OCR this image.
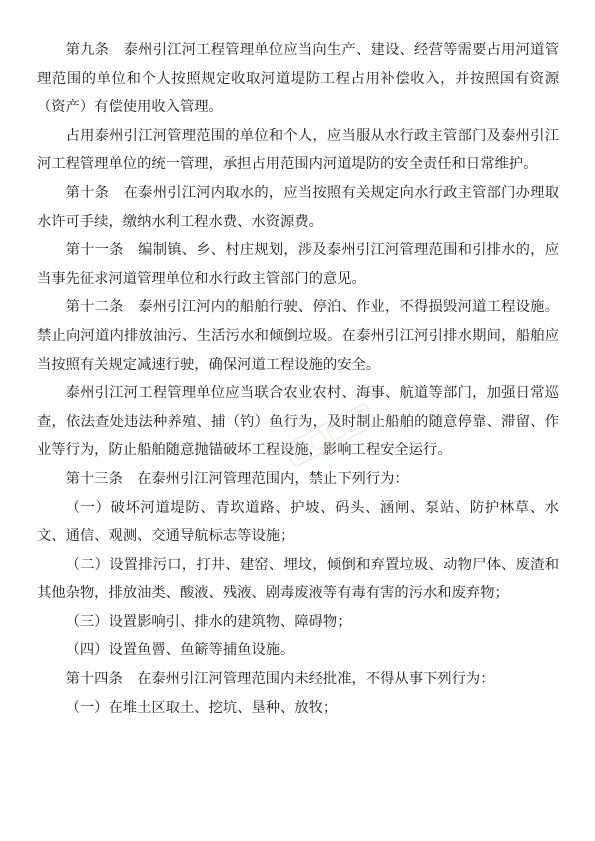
第九条　泰州引江河工程管理单位应当向生产、建设、经营等需要占用河道管理范围的单位和个人按照规定收取河道堤防工程占用补偿收入，并按照国有资源（资产）有偿使用收入管理。

占用泰州引江河管理范围的单位和个人，应当服从水行政主管部门及泰州引江河工程管理单位的统一管理，承担占用范围内河道堤防的安全责任和日常维护。

第十条　在泰州引江河内取水的，应当按照有关规定向水行政主管部门办理取水许可手续，缴纳水利工程水费、水资源费。

第十一条　编制镇、乡、村庄规划，涉及泰州引江河管理范围和引排水的，应当事先征求河道管理单位和水行政主管部门的意见。

第十二条　泰州引江河内的船舶行驶、停泊、作业，不得损毁河道工程设施。禁止向河道内排放油污、生活污水和倾倒垃圾。在泰州引江河引排水期间，船舶应当按照有关规定减速行驶，确保河道工程设施的安全。

泰州引江河工程管理单位应当联合农业农村、海事、航道等部门，加强日常巡查，依法查处违法种养殖、捕（钓）鱼行为，及时制止船舶的随意停靠、滞留、作业等行为，防止船舶随意抛锚破坏工程设施，影响工程安全运行。

第十三条　在泰州引江河管理范围内，禁止下列行为：

（一）破坏河道堤防、青坎道路、护坡、码头、涵闸、泵站、防护林草、水文、通信、观测、交通导航标志等设施；

（二）设置排污口，打井、建窑、埋坟，倾倒和弃置垃圾、动物尸体、废渣和其他杂物，排放油类、酸液、残液、剧毒废液等有毒有害的污水和废弃物；

（三）设置影响引、排水的建筑物、障碍物；

（四）设置鱼罾、鱼簖等捕鱼设施。

第十四条　在泰州引江河管理范围内未经批准，不得从事下列行为：

（一）在堆土区取土、挖坑、垦种、放牧；
